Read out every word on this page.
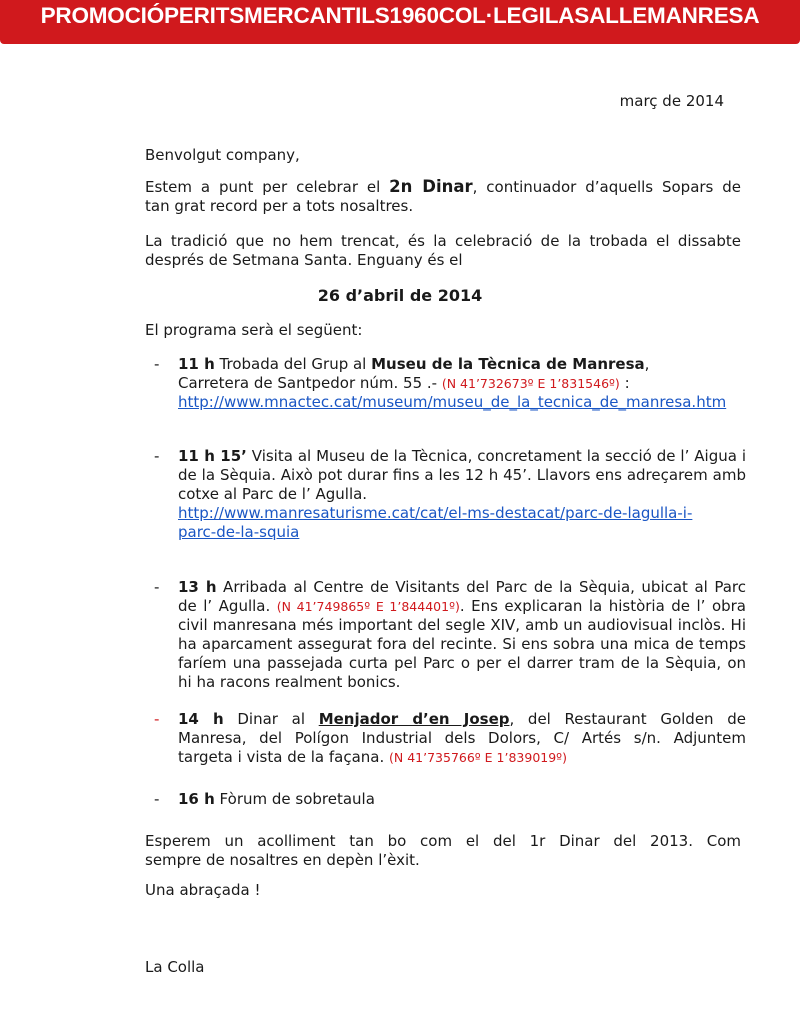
PROMOCIÓPERITSMERCANTILS1960COL·LEGILASALLEMANRESA

març de 2014

Benvolgut company,

Estem a punt per celebrar el 2n Dinar, continuador d’aquells Sopars de
tan grat record per a tots nosaltres.
La tradició que no hem trencat, és la celebració de la trobada el dissabte
després de Setmana Santa. Enguany és el
26 d’abril de 2014

El programa serà el següent:

- 11 h Trobada del Grup al Museu de la Tècnica de Manresa,
Carretera de Santpedor núm. 55 .- (N 41’732673º E 1’831546º) :
http://www.mnactec.cat/museum/museu_de_la_tecnica_de_manresa.htm
- 11 h 15’ Visita al Museu de la Tècnica, concretament la secció de l’ Aigua i
de la Sèquia. Això pot durar fins a les 12 h 45’. Llavors ens adreçarem amb
cotxe al Parc de l’ Agulla.
http://www.manresaturisme.cat/cat/el-ms-destacat/parc-de-lagulla-i-
parc-de-la-squia
- 13 h Arribada al Centre de Visitants del Parc de la Sèquia, ubicat al Parc
de l’ Agulla. (N 41’749865º E 1’844401º). Ens explicaran la història de l’ obra
civil manresana més important del segle XIV, amb un audiovisual inclòs. Hi
ha aparcament assegurat fora del recinte. Si ens sobra una mica de temps
faríem una passejada curta pel Parc o per el darrer tram de la Sèquia, on
hi ha racons realment bonics.
- 14 h Dinar al Menjador d’en Josep, del Restaurant Golden de
Manresa, del Polígon Industrial dels Dolors, C/ Artés s/n. Adjuntem
targeta i vista de la façana. (N 41’735766º E 1’839019º)
- 16 h Fòrum de sobretaula
Esperem un acolliment tan bo com el del 1r Dinar del 2013. Com
sempre de nosaltres en depèn l’èxit.

Una abraçada !

La Colla
